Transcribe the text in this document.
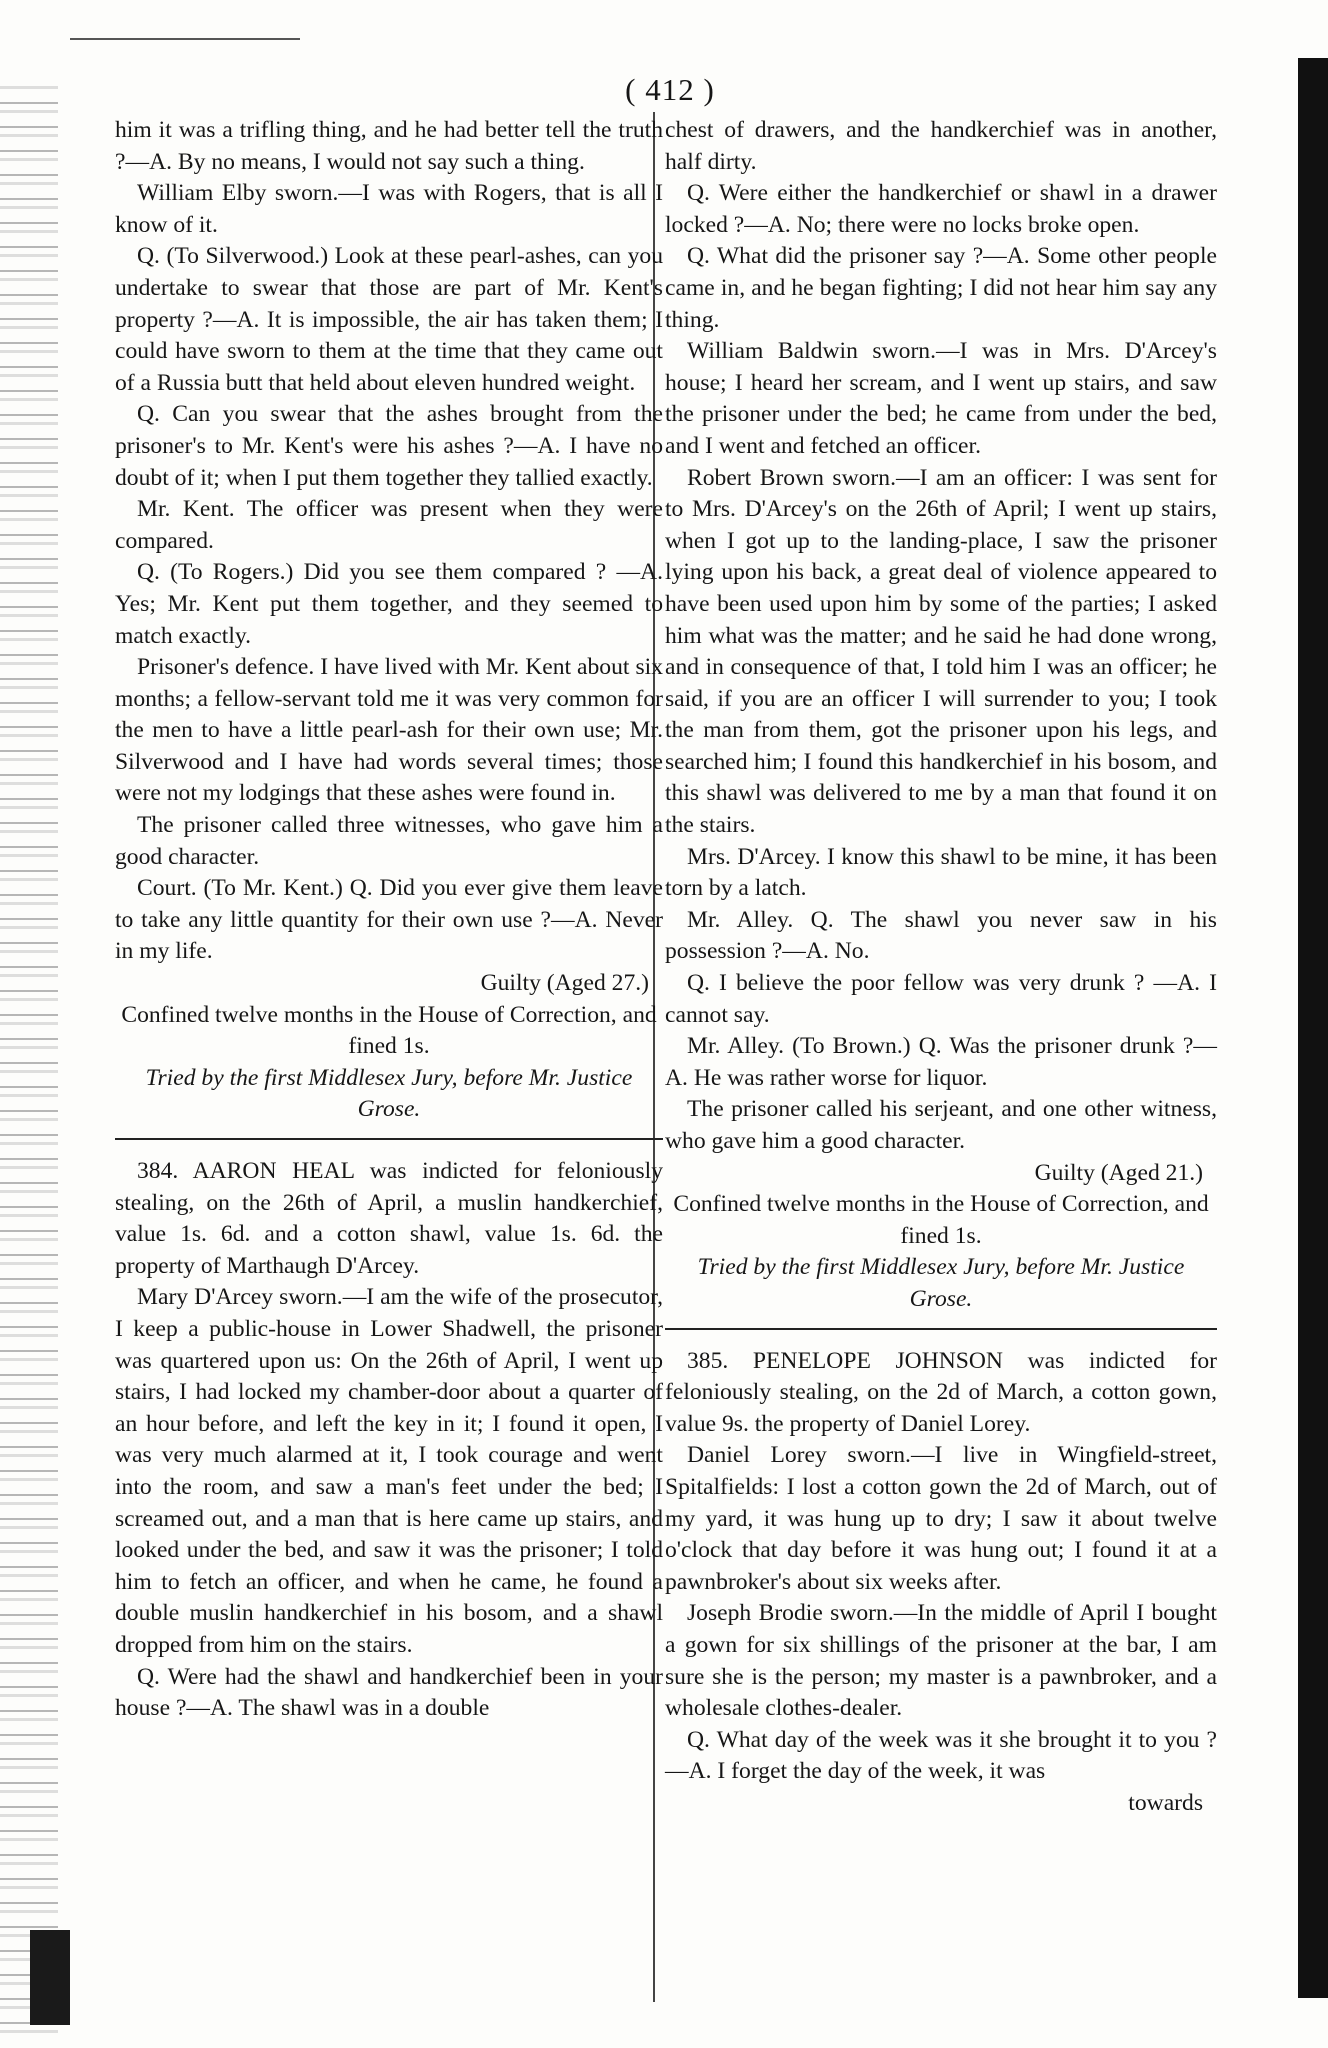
( 412 )

him it was a trifling thing, and he had better tell the truth ?—A. By no means, I would not say such a thing.

William Elby sworn.—I was with Rogers, that is all I know of it.

Q. (To Silverwood.) Look at these pearl-ashes, can you undertake to swear that those are part of Mr. Kent's property ?—A. It is impossible, the air has taken them; I could have sworn to them at the time that they came out of a Russia butt that held about eleven hundred weight.

Q. Can you swear that the ashes brought from the prisoner's to Mr. Kent's were his ashes ?—A. I have no doubt of it; when I put them together they tallied exactly.

Mr. Kent. The officer was present when they were compared.

Q. (To Rogers.) Did you see them compared ? —A. Yes; Mr. Kent put them together, and they seemed to match exactly.

Prisoner's defence. I have lived with Mr. Kent about six months; a fellow-servant told me it was very common for the men to have a little pearl-ash for their own use; Mr. Silverwood and I have had words several times; those were not my lodgings that these ashes were found in.

The prisoner called three witnesses, who gave him a good character.

Court. (To Mr. Kent.) Q. Did you ever give them leave to take any little quantity for their own use ?—A. Never in my life.

Guilty (Aged 27.)

Confined twelve months in the House of Correction, and fined 1s.

Tried by the first Middlesex Jury, before Mr. Justice Grose.

384. AARON HEAL was indicted for feloniously stealing, on the 26th of April, a muslin handkerchief, value 1s. 6d. and a cotton shawl, value 1s. 6d. the property of Marthaugh D'Arcey.

Mary D'Arcey sworn.—I am the wife of the prosecutor, I keep a public-house in Lower Shadwell, the prisoner was quartered upon us: On the 26th of April, I went up stairs, I had locked my chamber-door about a quarter of an hour before, and left the key in it; I found it open, I was very much alarmed at it, I took courage and went into the room, and saw a man's feet under the bed; I screamed out, and a man that is here came up stairs, and looked under the bed, and saw it was the prisoner; I told him to fetch an officer, and when he came, he found a double muslin handkerchief in his bosom, and a shawl dropped from him on the stairs.

Q. Were had the shawl and handkerchief been in your house ?—A. The shawl was in a double

chest of drawers, and the handkerchief was in another, half dirty.

Q. Were either the handkerchief or shawl in a drawer locked ?—A. No; there were no locks broke open.

Q. What did the prisoner say ?—A. Some other people came in, and he began fighting; I did not hear him say any thing.

William Baldwin sworn.—I was in Mrs. D'Arcey's house; I heard her scream, and I went up stairs, and saw the prisoner under the bed; he came from under the bed, and I went and fetched an officer.

Robert Brown sworn.—I am an officer: I was sent for to Mrs. D'Arcey's on the 26th of April; I went up stairs, when I got up to the landing-place, I saw the prisoner lying upon his back, a great deal of violence appeared to have been used upon him by some of the parties; I asked him what was the matter; and he said he had done wrong, and in consequence of that, I told him I was an officer; he said, if you are an officer I will surrender to you; I took the man from them, got the prisoner upon his legs, and searched him; I found this handkerchief in his bosom, and this shawl was delivered to me by a man that found it on the stairs.

Mrs. D'Arcey. I know this shawl to be mine, it has been torn by a latch.

Mr. Alley. Q. The shawl you never saw in his possession ?—A. No.

Q. I believe the poor fellow was very drunk ? —A. I cannot say.

Mr. Alley. (To Brown.) Q. Was the prisoner drunk ?—A. He was rather worse for liquor.

The prisoner called his serjeant, and one other witness, who gave him a good character.

Guilty (Aged 21.)

Confined twelve months in the House of Correction, and fined 1s.

Tried by the first Middlesex Jury, before Mr. Justice Grose.

385. PENELOPE JOHNSON was indicted for feloniously stealing, on the 2d of March, a cotton gown, value 9s. the property of Daniel Lorey.

Daniel Lorey sworn.—I live in Wingfield-street, Spitalfields: I lost a cotton gown the 2d of March, out of my yard, it was hung up to dry; I saw it about twelve o'clock that day before it was hung out; I found it at a pawnbroker's about six weeks after.

Joseph Brodie sworn.—In the middle of April I bought a gown for six shillings of the prisoner at the bar, I am sure she is the person; my master is a pawnbroker, and a wholesale clothes-dealer.

Q. What day of the week was it she brought it to you ?—A. I forget the day of the week, it was

towards
